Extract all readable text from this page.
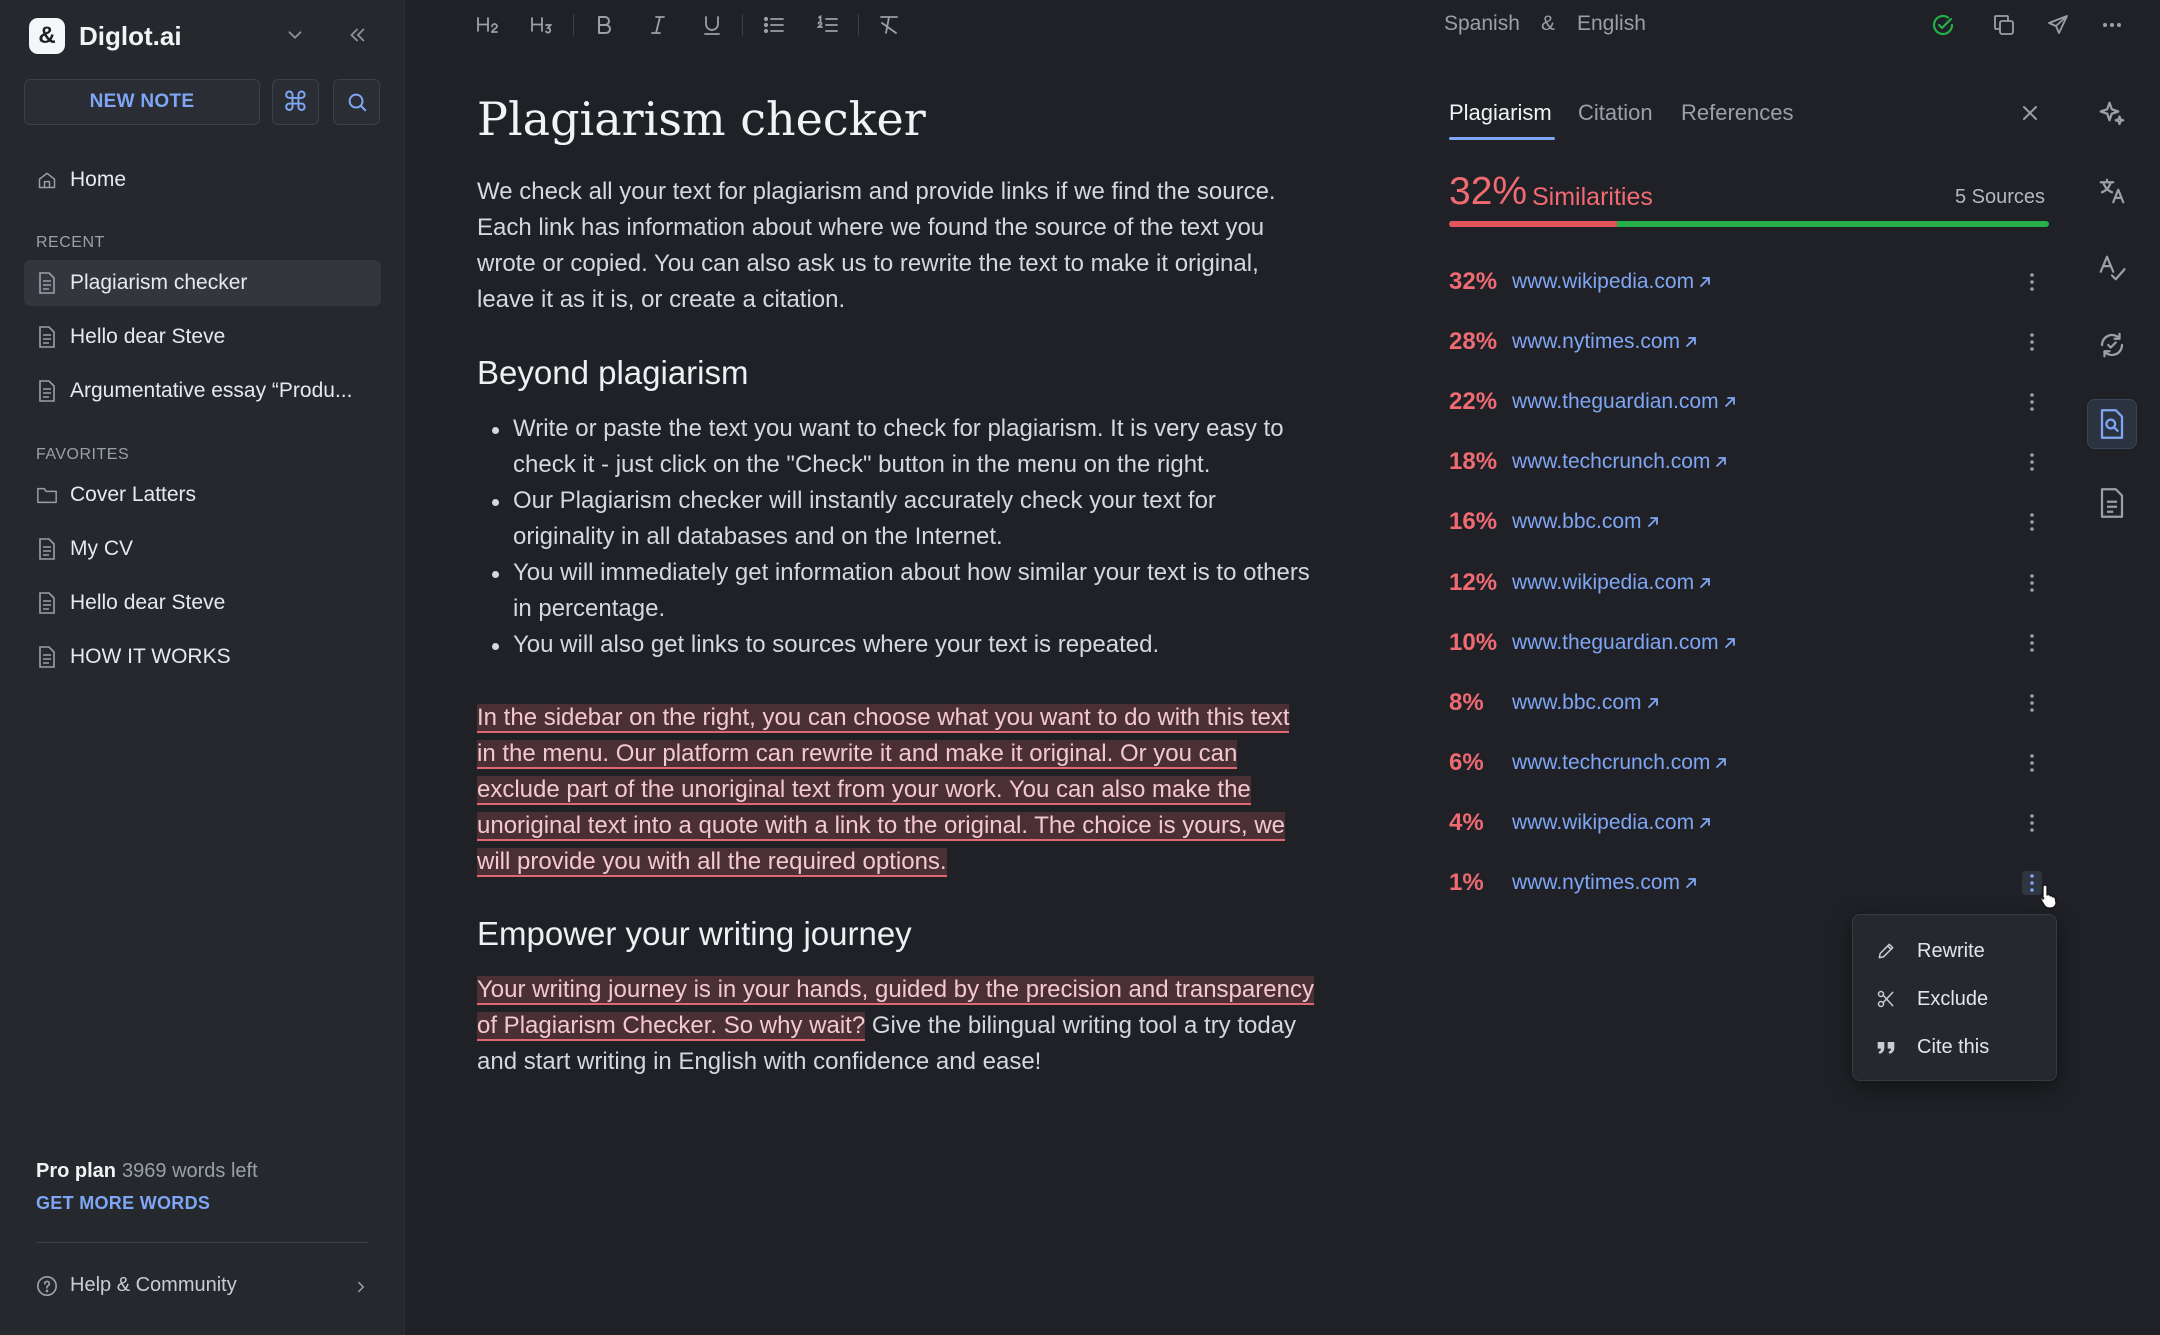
& Diglot.ai
NEW NOTE	⌘
Home
RECENT
Plagiarism checker
Hello dear Steve
Argumentative essay “Produ...
FAVORITES
Cover Latters
My CV
Hello dear Steve
HOW IT WORKS
Pro plan 3969 words left
GET MORE WORDS
Help & Community
Spanish & English
Plagiarism checker
We check all your text for plagiarism and provide links if we find the source.
Each link has information about where we found the source of the text you
wrote or copied. You can also ask us to rewrite the text to make it original,
leave it as it is, or create a citation.
Beyond plagiarism
Write or paste the text you want to check for plagiarism. It is very easy to
check it - just click on the "Check" button in the menu on the right.
Our Plagiarism checker will instantly accurately check your text for
originality in all databases and on the Internet.
You will immediately get information about how similar your text is to others
in percentage.
You will also get links to sources where your text is repeated.
In the sidebar on the right, you can choose what you want to do with this text
in the menu. Our platform can rewrite it and make it original. Or you can
exclude part of the unoriginal text from your work. You can also make the
unoriginal text into a quote with a link to the original. The choice is yours, we
will provide you with all the required options.
Empower your writing journey
Your writing journey is in your hands, guided by the precision and transparency
of Plagiarism Checker. So why wait? Give the bilingual writing tool a try today
and start writing in English with confidence and ease!
Plagiarism Citation References
32% Similarities	5 Sources
32% www.wikipedia.com
28% www.nytimes.com
22% www.theguardian.com
18% www.techcrunch.com
16% www.bbc.com
12% www.wikipedia.com
10% www.theguardian.com
8%	www.bbc.com
6%	www.techcrunch.com
4%	www.wikipedia.com
1%	www.nytimes.com
Rewrite
Exclude
Cite this
